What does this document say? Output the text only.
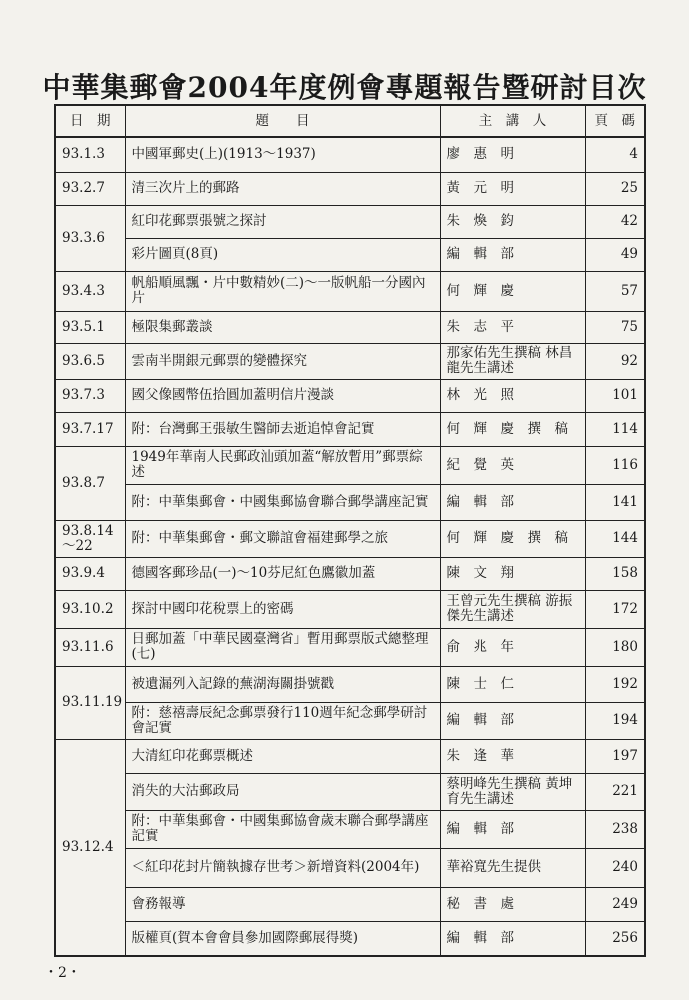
中華集郵會2004年度例會專題報告暨研討目次
日　期	題　　目	主　講　人	頁　碼
93.1.3	中國軍郵史(上)(1913～1937)	廖　惠　明	4
93.2.7	清三次片上的郵路	黃　元　明	25
93.3.6	紅印花郵票張號之探討	朱　煥　鈞	42
	彩片圖頁(8頁)	編　輯　部	49
93.4.3	帆船順風飄・片中數精妙(二)～一版帆船一分國內片	何　輝　慶	57
93.5.1	極限集郵叢談	朱　志　平	75
93.6.5	雲南半開銀元郵票的變體探究	那家佑先生撰稿 林昌龍先生講述	92
93.7.3	國父像國幣伍拾圓加蓋明信片漫談	林　光　照	101
93.7.17	附：台灣郵王張敏生醫師去逝追悼會記實	何　輝　慶　撰　稿	114
93.8.7	1949年華南人民郵政汕頭加蓋“解放暫用”郵票綜述	紀　覺　英	116
	附：中華集郵會・中國集郵協會聯合郵學講座記實	編　輯　部	141
93.8.14～22	附：中華集郵會・郵文聯誼會福建郵學之旅	何　輝　慶　撰　稿	144
93.9.4	德國客郵珍品(一)～10芬尼紅色鷹徽加蓋	陳　文　翔	158
93.10.2	探討中國印花稅票上的密碼	王曾元先生撰稿 游振傑先生講述	172
93.11.6	日郵加蓋「中華民國臺灣省」暫用郵票版式總整理(七)	俞　兆　年	180
93.11.19	被遺漏列入記錄的蕪湖海關掛號戳	陳　士　仁	192
	附：慈禧壽辰紀念郵票發行110週年紀念郵學研討會記實	編　輯　部	194
93.12.4	大清紅印花郵票概述	朱　逢　華	197
	消失的大沽郵政局	蔡明峰先生撰稿 黃坤育先生講述	221
	附：中華集郵會・中國集郵協會歲末聯合郵學講座記實	編　輯　部	238
	＜紅印花封片簡執據存世考＞新增資料(2004年)	華裕寬先生提供	240
	會務報導	秘　書　處	249
	版權頁(賀本會會員參加國際郵展得獎)	編　輯　部	256
・2・
